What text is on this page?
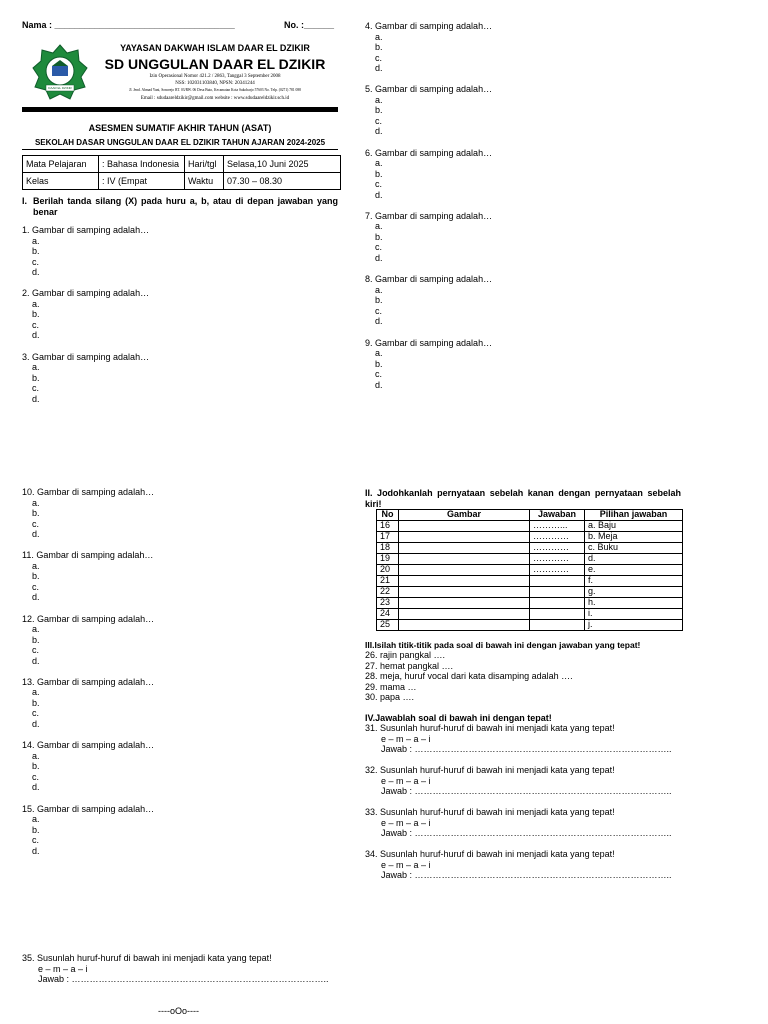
Nama : ____________________________________	No. :______
DAAR EL DZIKIR
YAYASAN DAKWAH ISLAM DAAR EL DZIKIR
SD UNGGULAN DAAR EL DZIKIR
Izin Operasional Nomor 421.2 / 2863, Tanggal 3 September 2008
NSS: 102031103840, NPSN: 20341244
Jl. Jend. Ahmad Yani, Sonorejo RT. 03/RW. 06 Desa Buto, Kecamatan Kota Sukoharjo 57603 No. Telp. (0271) 781 088
Email : sdudaareldzikir@gmail.com website : www.sdudaareldzikir.sch.id
ASESMEN SUMATIF AKHIR TAHUN (ASAT)
SEKOLAH DASAR UNGGULAN DAAR EL DZIKIR TAHUN AJARAN 2024-2025
Mata Pelajaran	: Bahasa Indonesia	Hari/tgl	Selasa,10 Juni 2025
Kelas	: IV (Empat	Waktu	07.30 – 08.30
I. Berilah tanda silang (X) pada huru a, b, atau di depan jawaban yang benar
1. Gambar di samping adalah…
a.
b.
c.
d.
2. Gambar di samping adalah…
a.
b.
c.
d.
3. Gambar di samping adalah…
a.
b.
c.
d.
4. Gambar di samping adalah…
a.
b.
c.
d.
5. Gambar di samping adalah…
a.
b.
c.
d.
6. Gambar di samping adalah…
a.
b.
c.
d.
7. Gambar di samping adalah…
a.
b.
c.
d.
8. Gambar di samping adalah…
a.
b.
c.
d.
9. Gambar di samping adalah…
a.
b.
c.
d.
10. Gambar di samping adalah…
a.
b.
c.
d.
11. Gambar di samping adalah…
a.
b.
c.
d.
12. Gambar di samping adalah…
a.
b.
c.
d.
13. Gambar di samping adalah…
a.
b.
c.
d.
14. Gambar di samping adalah…
a.
b.
c.
d.
15. Gambar di samping adalah…
a.
b.
c.
d.
II. Jodohkanlah pernyataan sebelah kanan dengan pernyataan sebelah kiri!
No	Gambar	Jawaban	Pilihan jawaban
16		………...	a. Baju
17		…………	b. Meja
18		…………	c. Buku
19		…………	d.
20		…………	e.
21			f.
22			g.
23			h.
24			i.
25			j.
III.Isilah titik-titik pada soal di bawah ini dengan jawaban yang tepat!
26. rajin pangkal ….
27. hemat pangkal ….
28. meja, huruf vocal dari kata disamping adalah ….
29. mama …
30. papa ….
IV.Jawablah soal di bawah ini dengan tepat!
31. Susunlah huruf-huruf di bawah ini menjadi kata yang tepat!
e – m – a – i
Jawab : …………………………………………………………………………..
32. Susunlah huruf-huruf di bawah ini menjadi kata yang tepat!
e – m – a – i
Jawab : …………………………………………………………………………..
33. Susunlah huruf-huruf di bawah ini menjadi kata yang tepat!
e – m – a – i
Jawab : …………………………………………………………………………..
34. Susunlah huruf-huruf di bawah ini menjadi kata yang tepat!
e – m – a – i
Jawab : …………………………………………………………………………..
35. Susunlah huruf-huruf di bawah ini menjadi kata yang tepat!
e – m – a – i
Jawab : …………………………………………………………………………..
----oOo----
